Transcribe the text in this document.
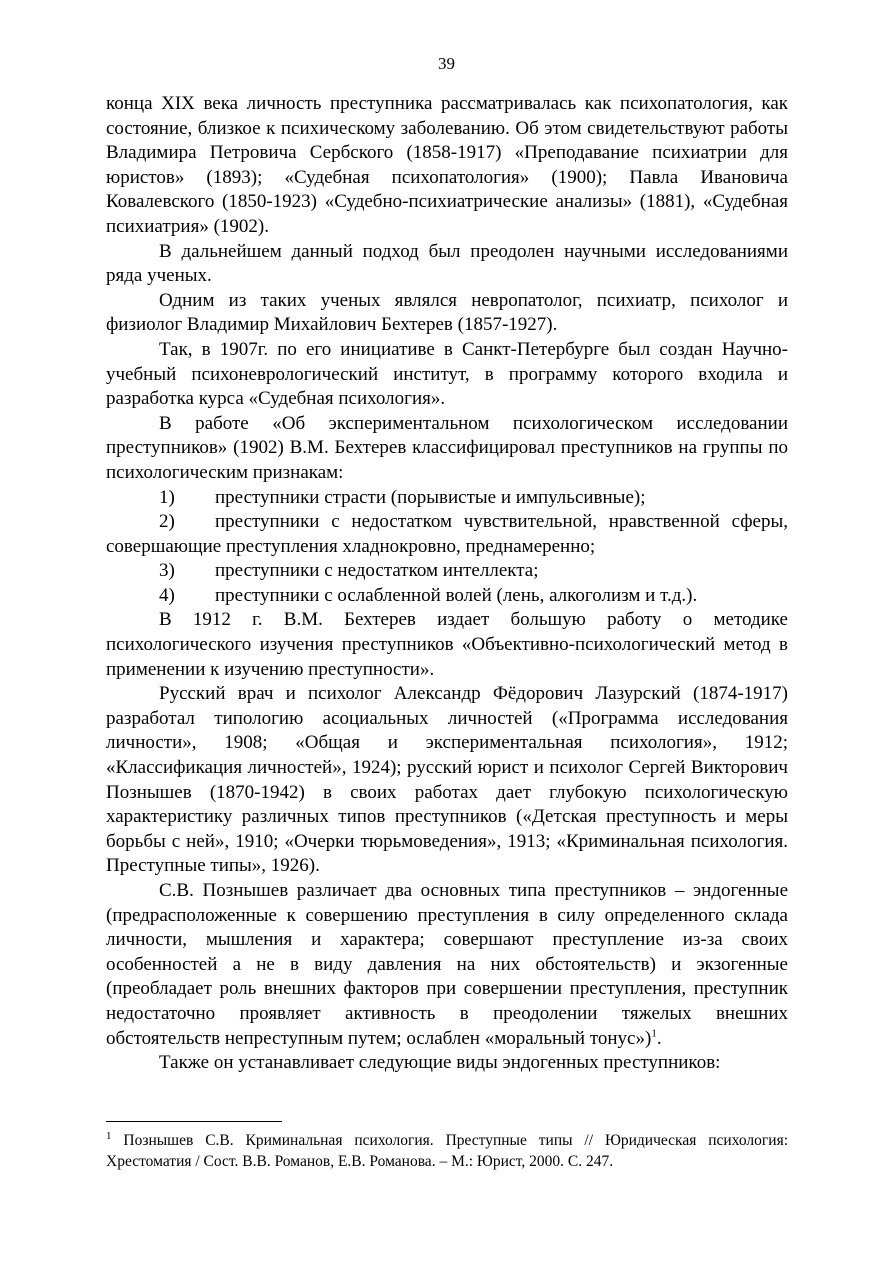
39

конца XIX века личность преступника рассматривалась как психопатология, как состояние, близкое к психическому заболеванию. Об этом свидетельствуют работы Владимира Петровича Сербского (1858-1917) «Преподавание психиатрии для юристов» (1893); «Судебная психопатология» (1900); Павла Ивановича Ковалевского (1850-1923) «Судебно-психиатрические анализы» (1881), «Судебная психиатрия» (1902).

В дальнейшем данный подход был преодолен научными исследованиями ряда ученых.

Одним из таких ученых являлся невропатолог, психиатр, психолог и физиолог Владимир Михайлович Бехтерев (1857-1927).

Так, в 1907г. по его инициативе в Санкт-Петербурге был создан Научно-учебный психоневрологический институт, в программу которого входила и разработка курса «Судебная психология».

В работе «Об экспериментальном психологическом исследовании преступников» (1902) В.М. Бехтерев классифицировал преступников на группы по психологическим признакам:

1)	преступники страсти (порывистые и импульсивные);
2) преступники с недостатком чувствительной, нравственной сферы, совершающие преступления хладнокровно, преднамеренно;
3)	преступники с недостатком интеллекта;
4)	преступники с ослабленной волей (лень, алкоголизм и т.д.).

В 1912 г. В.М. Бехтерев издает большую работу о методике психологического изучения преступников «Объективно-психологический метод в применении к изучению преступности».

Русский врач и психолог Александр Фёдорович Лазурский (1874-1917) разработал типологию асоциальных личностей («Программа исследования личности», 1908; «Общая и экспериментальная психология», 1912; «Классификация личностей», 1924); русский юрист и психолог Сергей Викторович Познышев (1870-1942) в своих работах дает глубокую психологическую характеристику различных типов преступников («Детская преступность и меры борьбы с ней», 1910; «Очерки тюрьмоведения», 1913; «Криминальная психология. Преступные типы», 1926).

С.В. Познышев различает два основных типа преступников – эндогенные (предрасположенные к совершению преступления в силу определенного склада личности, мышления и характера; совершают преступление из-за своих особенностей а не в виду давления на них обстоятельств) и экзогенные (преобладает роль внешних факторов при совершении преступления, преступник недостаточно проявляет активность в преодолении тяжелых внешних обстоятельств непреступным путем; ослаблен «моральный тонус»)$^1$.

Также он устанавливает следующие виды эндогенных преступников:

$^1$ Познышев С.В. Криминальная психология. Преступные типы // Юридическая психология: Хрестоматия / Сост. В.В. Романов, Е.В. Романова. – М.: Юрист, 2000. С. 247.
